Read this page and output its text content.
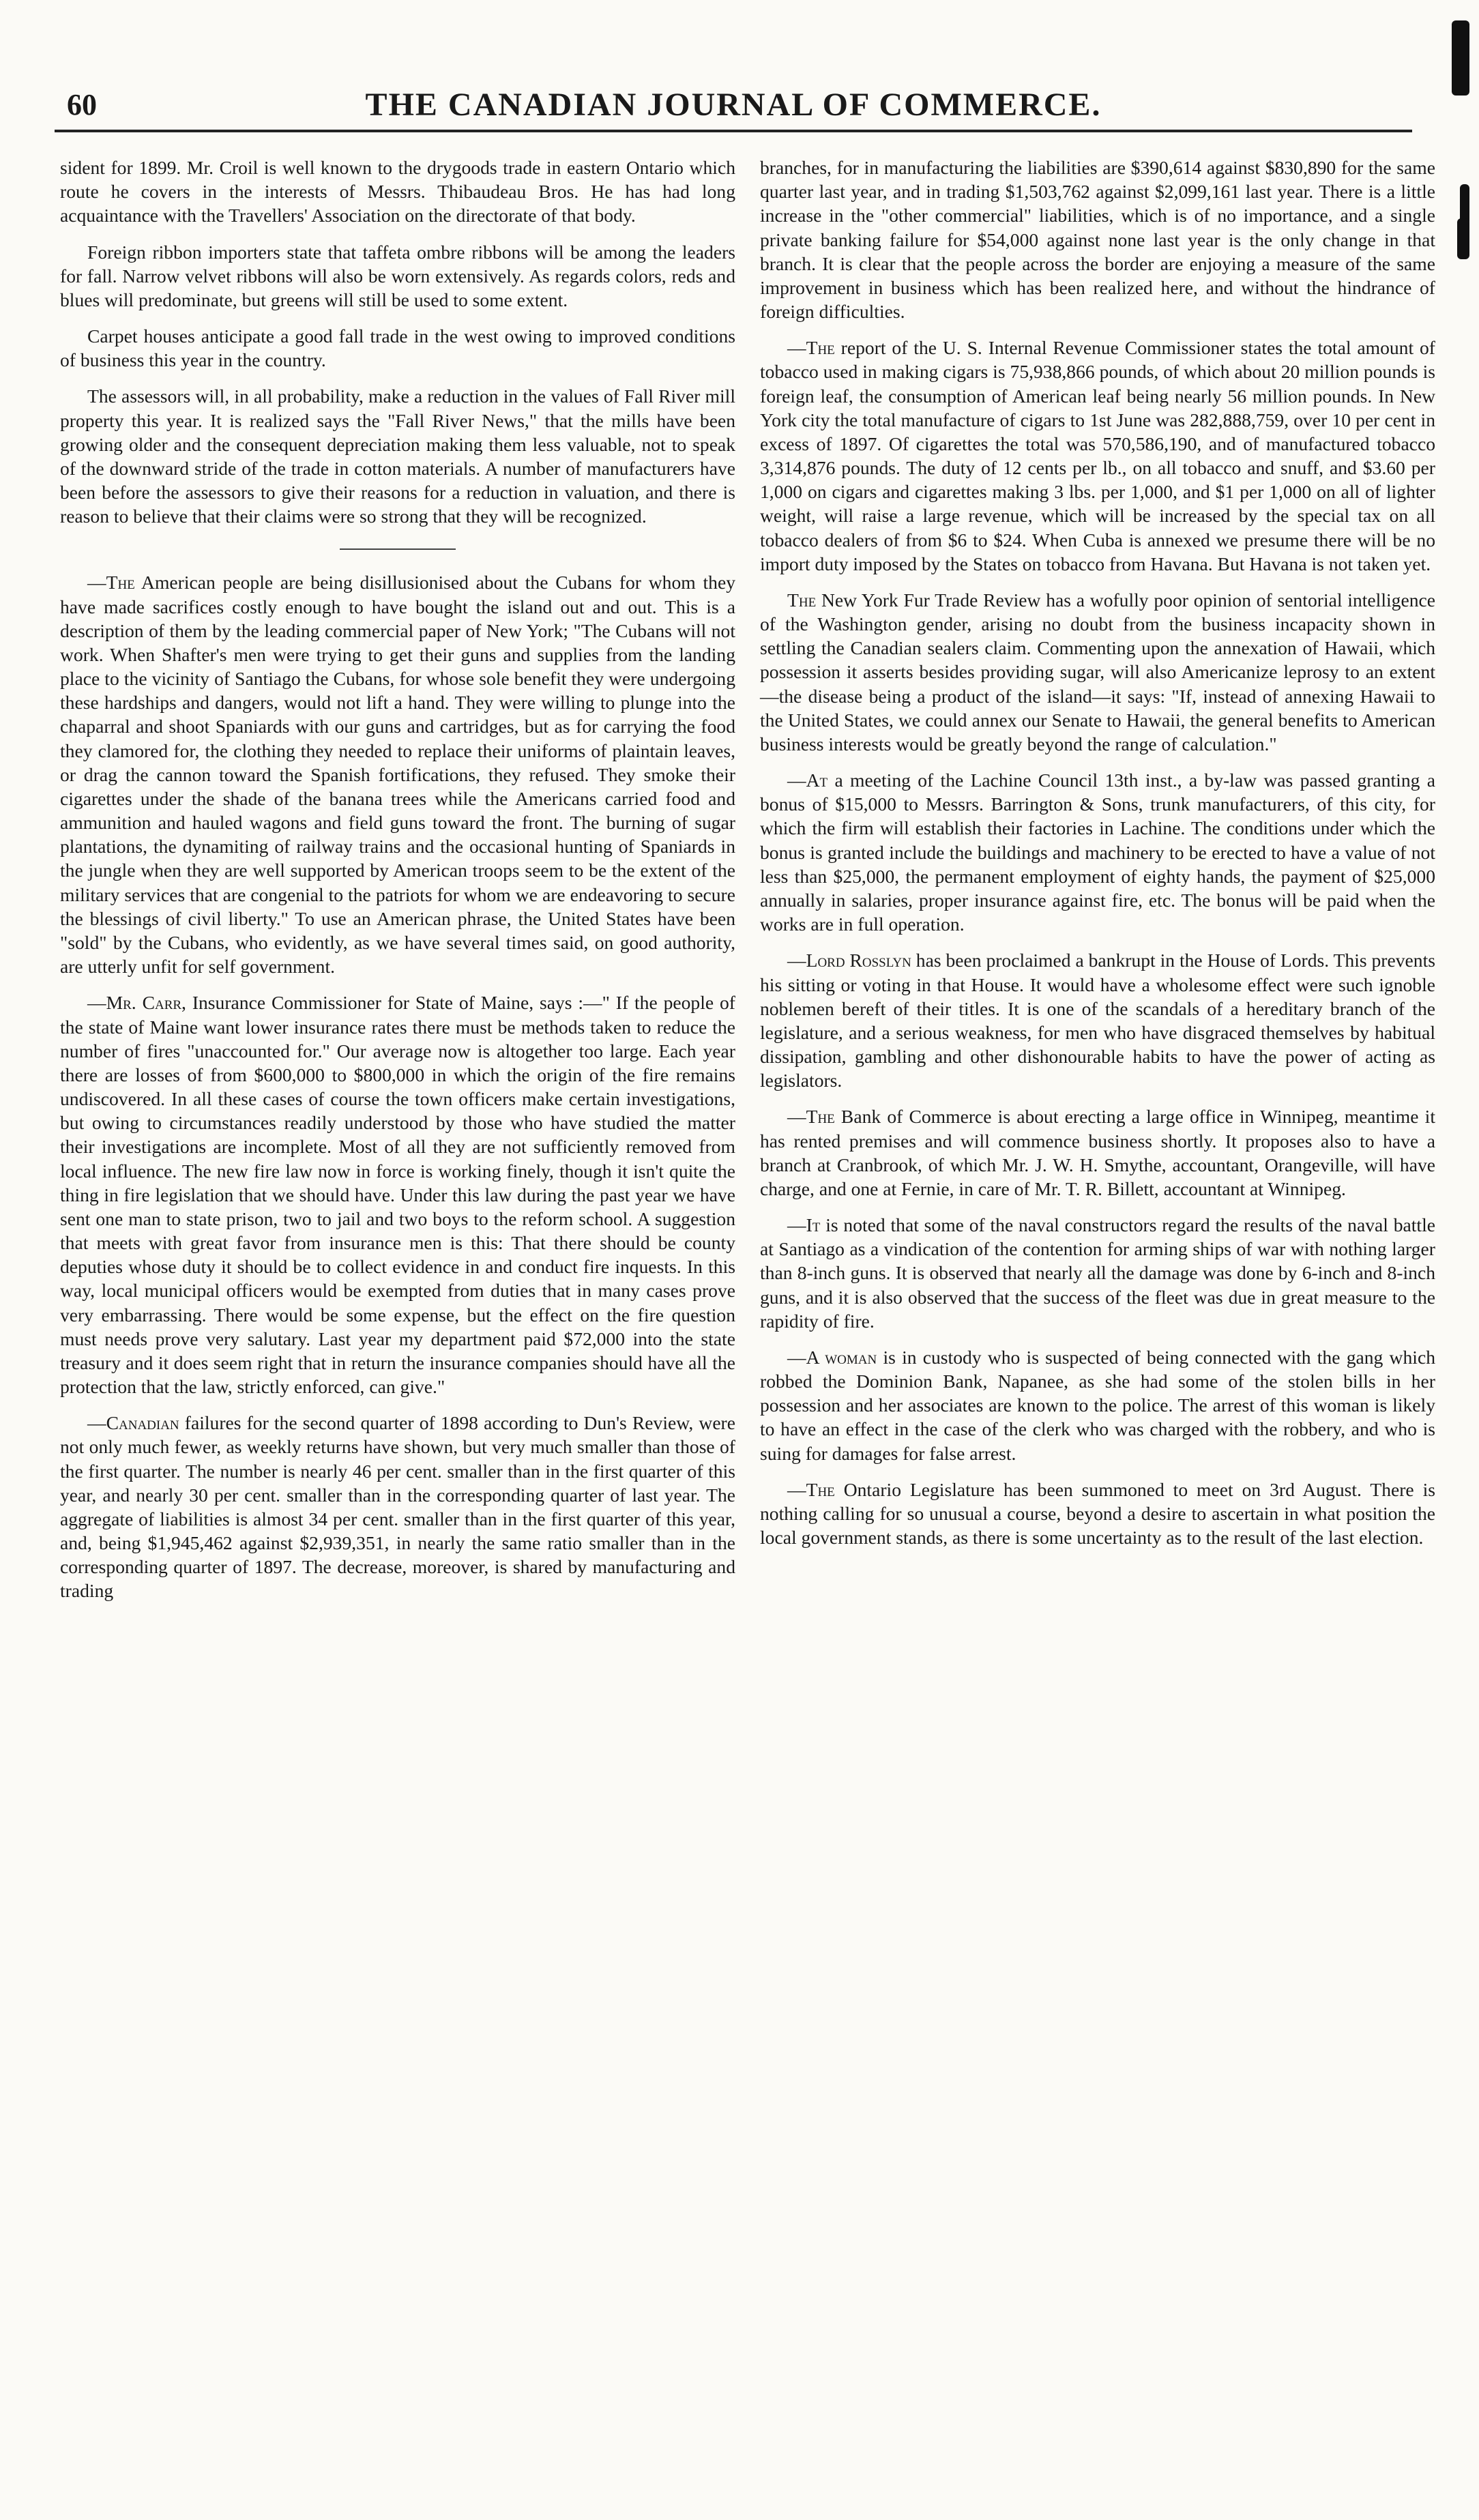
60	THE CANADIAN JOURNAL OF COMMERCE.

sident for 1899. Mr. Croil is well known to the drygoods trade in eastern Ontario which route he covers in the interests of Messrs. Thibaudeau Bros. He has had long acquaintance with the Travellers' Association on the directorate of that body.

Foreign ribbon importers state that taffeta ombre ribbons will be among the leaders for fall. Narrow velvet ribbons will also be worn extensively. As regards colors, reds and blues will predominate, but greens will still be used to some extent.

Carpet houses anticipate a good fall trade in the west owing to improved conditions of business this year in the country.

The assessors will, in all probability, make a reduction in the values of Fall River mill property this year. It is realized says the "Fall River News," that the mills have been growing older and the consequent depreciation making them less valuable, not to speak of the downward stride of the trade in cotton materials. A number of manufacturers have been before the assessors to give their reasons for a reduction in valuation, and there is reason to believe that their claims were so strong that they will be recognized.

—The American people are being disillusionised about the Cubans for whom they have made sacrifices costly enough to have bought the island out and out. This is a description of them by the leading commercial paper of New York; "The Cubans will not work. When Shafter's men were trying to get their guns and supplies from the landing place to the vicinity of Santiago the Cubans, for whose sole benefit they were undergoing these hardships and dangers, would not lift a hand. They were willing to plunge into the chaparral and shoot Spaniards with our guns and cartridges, but as for carrying the food they clamored for, the clothing they needed to replace their uniforms of plaintain leaves, or drag the cannon toward the Spanish fortifications, they refused. They smoke their cigarettes under the shade of the banana trees while the Americans carried food and ammunition and hauled wagons and field guns toward the front. The burning of sugar plantations, the dynamiting of railway trains and the occasional hunting of Spaniards in the jungle when they are well supported by American troops seem to be the extent of the military services that are congenial to the patriots for whom we are endeavoring to secure the blessings of civil liberty." To use an American phrase, the United States have been "sold" by the Cubans, who evidently, as we have several times said, on good authority, are utterly unfit for self government.

—Mr. Carr, Insurance Commissioner for State of Maine, says :—" If the people of the state of Maine want lower insurance rates there must be methods taken to reduce the number of fires "unaccounted for." Our average now is altogether too large. Each year there are losses of from $600,000 to $800,000 in which the origin of the fire remains undiscovered. In all these cases of course the town officers make certain investigations, but owing to circumstances readily understood by those who have studied the matter their investigations are incomplete. Most of all they are not sufficiently removed from local influence. The new fire law now in force is working finely, though it isn't quite the thing in fire legislation that we should have. Under this law during the past year we have sent one man to state prison, two to jail and two boys to the reform school. A suggestion that meets with great favor from insurance men is this: That there should be county deputies whose duty it should be to collect evidence in and conduct fire inquests. In this way, local municipal officers would be exempted from duties that in many cases prove very embarrassing. There would be some expense, but the effect on the fire question must needs prove very salutary. Last year my department paid $72,000 into the state treasury and it does seem right that in return the insurance companies should have all the protection that the law, strictly enforced, can give."

—Canadian failures for the second quarter of 1898 according to Dun's Review, were not only much fewer, as weekly returns have shown, but very much smaller than those of the first quarter. The number is nearly 46 per cent. smaller than in the first quarter of this year, and nearly 30 per cent. smaller than in the corresponding quarter of last year. The aggregate of liabilities is almost 34 per cent. smaller than in the first quarter of this year, and, being $1,945,462 against $2,939,351, in nearly the same ratio smaller than in the corresponding quarter of 1897. The decrease, moreover, is shared by manufacturing and trading

branches, for in manufacturing the liabilities are $390,614 against $830,890 for the same quarter last year, and in trading $1,503,762 against $2,099,161 last year. There is a little increase in the "other commercial" liabilities, which is of no importance, and a single private banking failure for $54,000 against none last year is the only change in that branch. It is clear that the people across the border are enjoying a measure of the same improvement in business which has been realized here, and without the hindrance of foreign difficulties.

—The report of the U. S. Internal Revenue Commissioner states the total amount of tobacco used in making cigars is 75,938,866 pounds, of which about 20 million pounds is foreign leaf, the consumption of American leaf being nearly 56 million pounds. In New York city the total manufacture of cigars to 1st June was 282,888,759, over 10 per cent in excess of 1897. Of cigarettes the total was 570,586,190, and of manufactured tobacco 3,314,876 pounds. The duty of 12 cents per lb., on all tobacco and snuff, and $3.60 per 1,000 on cigars and cigarettes making 3 lbs. per 1,000, and $1 per 1,000 on all of lighter weight, will raise a large revenue, which will be increased by the special tax on all tobacco dealers of from $6 to $24. When Cuba is annexed we presume there will be no import duty imposed by the States on tobacco from Havana. But Havana is not taken yet.

The New York Fur Trade Review has a wofully poor opinion of sentorial intelligence of the Washington gender, arising no doubt from the business incapacity shown in settling the Canadian sealers claim. Commenting upon the annexation of Hawaii, which possession it asserts besides providing sugar, will also Americanize leprosy to an extent—the disease being a product of the island—it says: "If, instead of annexing Hawaii to the United States, we could annex our Senate to Hawaii, the general benefits to American business interests would be greatly beyond the range of calculation."

—At a meeting of the Lachine Council 13th inst., a by-law was passed granting a bonus of $15,000 to Messrs. Barrington & Sons, trunk manufacturers, of this city, for which the firm will establish their factories in Lachine. The conditions under which the bonus is granted include the buildings and machinery to be erected to have a value of not less than $25,000, the permanent employment of eighty hands, the payment of $25,000 annually in salaries, proper insurance against fire, etc. The bonus will be paid when the works are in full operation.

—Lord Rosslyn has been proclaimed a bankrupt in the House of Lords. This prevents his sitting or voting in that House. It would have a wholesome effect were such ignoble noblemen bereft of their titles. It is one of the scandals of a hereditary branch of the legislature, and a serious weakness, for men who have disgraced themselves by habitual dissipation, gambling and other dishonourable habits to have the power of acting as legislators.

—The Bank of Commerce is about erecting a large office in Winnipeg, meantime it has rented premises and will commence business shortly. It proposes also to have a branch at Cranbrook, of which Mr. J. W. H. Smythe, accountant, Orangeville, will have charge, and one at Fernie, in care of Mr. T. R. Billett, accountant at Winnipeg.

—It is noted that some of the naval constructors regard the results of the naval battle at Santiago as a vindication of the contention for arming ships of war with nothing larger than 8-inch guns. It is observed that nearly all the damage was done by 6-inch and 8-inch guns, and it is also observed that the success of the fleet was due in great measure to the rapidity of fire.

—A woman is in custody who is suspected of being connected with the gang which robbed the Dominion Bank, Napanee, as she had some of the stolen bills in her possession and her associates are known to the police. The arrest of this woman is likely to have an effect in the case of the clerk who was charged with the robbery, and who is suing for damages for false arrest.

—The Ontario Legislature has been summoned to meet on 3rd August. There is nothing calling for so unusual a course, beyond a desire to ascertain in what position the local government stands, as there is some uncertainty as to the result of the last election.
